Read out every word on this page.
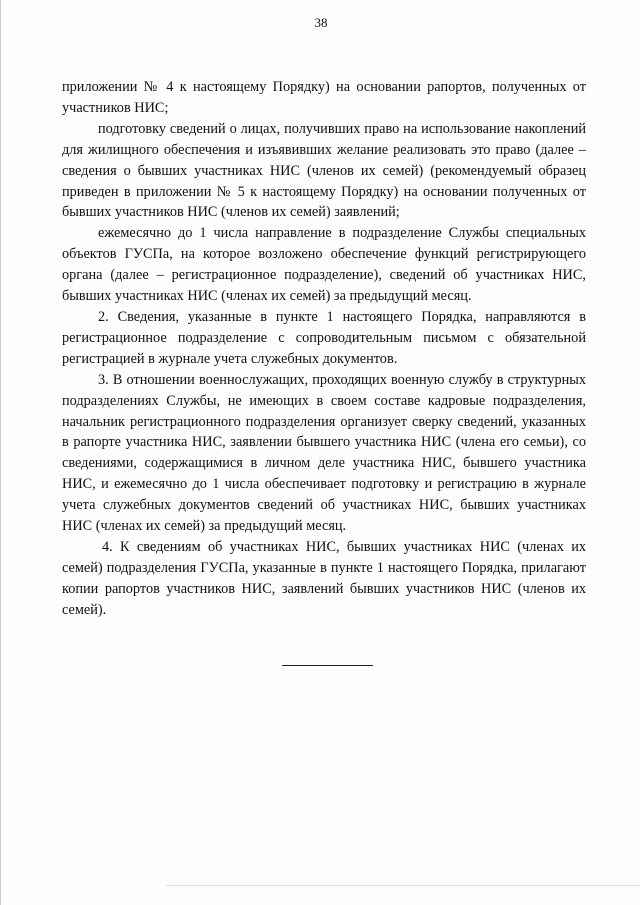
38

приложении № 4 к настоящему Порядку) на основании рапортов, полученных от участников НИС;

подготовку сведений о лицах, получивших право на использование накоплений для жилищного обеспечения и изъявивших желание реализовать это право (далее – сведения о бывших участниках НИС (членов их семей) (рекомендуемый образец приведен в приложении № 5 к настоящему Порядку) на основании полученных от бывших участников НИС (членов их семей) заявлений;

ежемесячно до 1 числа направление в подразделение Службы специальных объектов ГУСПа, на которое возложено обеспечение функций регистрирующего органа (далее – регистрационное подразделение), сведений об участниках НИС, бывших участниках НИС (членах их семей) за предыдущий месяц.

2. Сведения, указанные в пункте 1 настоящего Порядка, направляются в регистрационное подразделение с сопроводительным письмом с обязательной регистрацией в журнале учета служебных документов.

3. В отношении военнослужащих, проходящих военную службу в структурных подразделениях Службы, не имеющих в своем составе кадровые подразделения, начальник регистрационного подразделения организует сверку сведений, указанных в рапорте участника НИС, заявлении бывшего участника НИС (члена его семьи), со сведениями, содержащимися в личном деле участника НИС, бывшего участника НИС, и ежемесячно до 1 числа обеспечивает подготовку и регистрацию в журнале учета служебных документов сведений об участниках НИС, бывших участниках НИС (членах их семей) за предыдущий месяц.

4. К сведениям об участниках НИС, бывших участниках НИС (членах их семей) подразделения ГУСПа, указанные в пункте 1 настоящего Порядка, прилагают копии рапортов участников НИС, заявлений бывших участников НИС (членов их семей).
